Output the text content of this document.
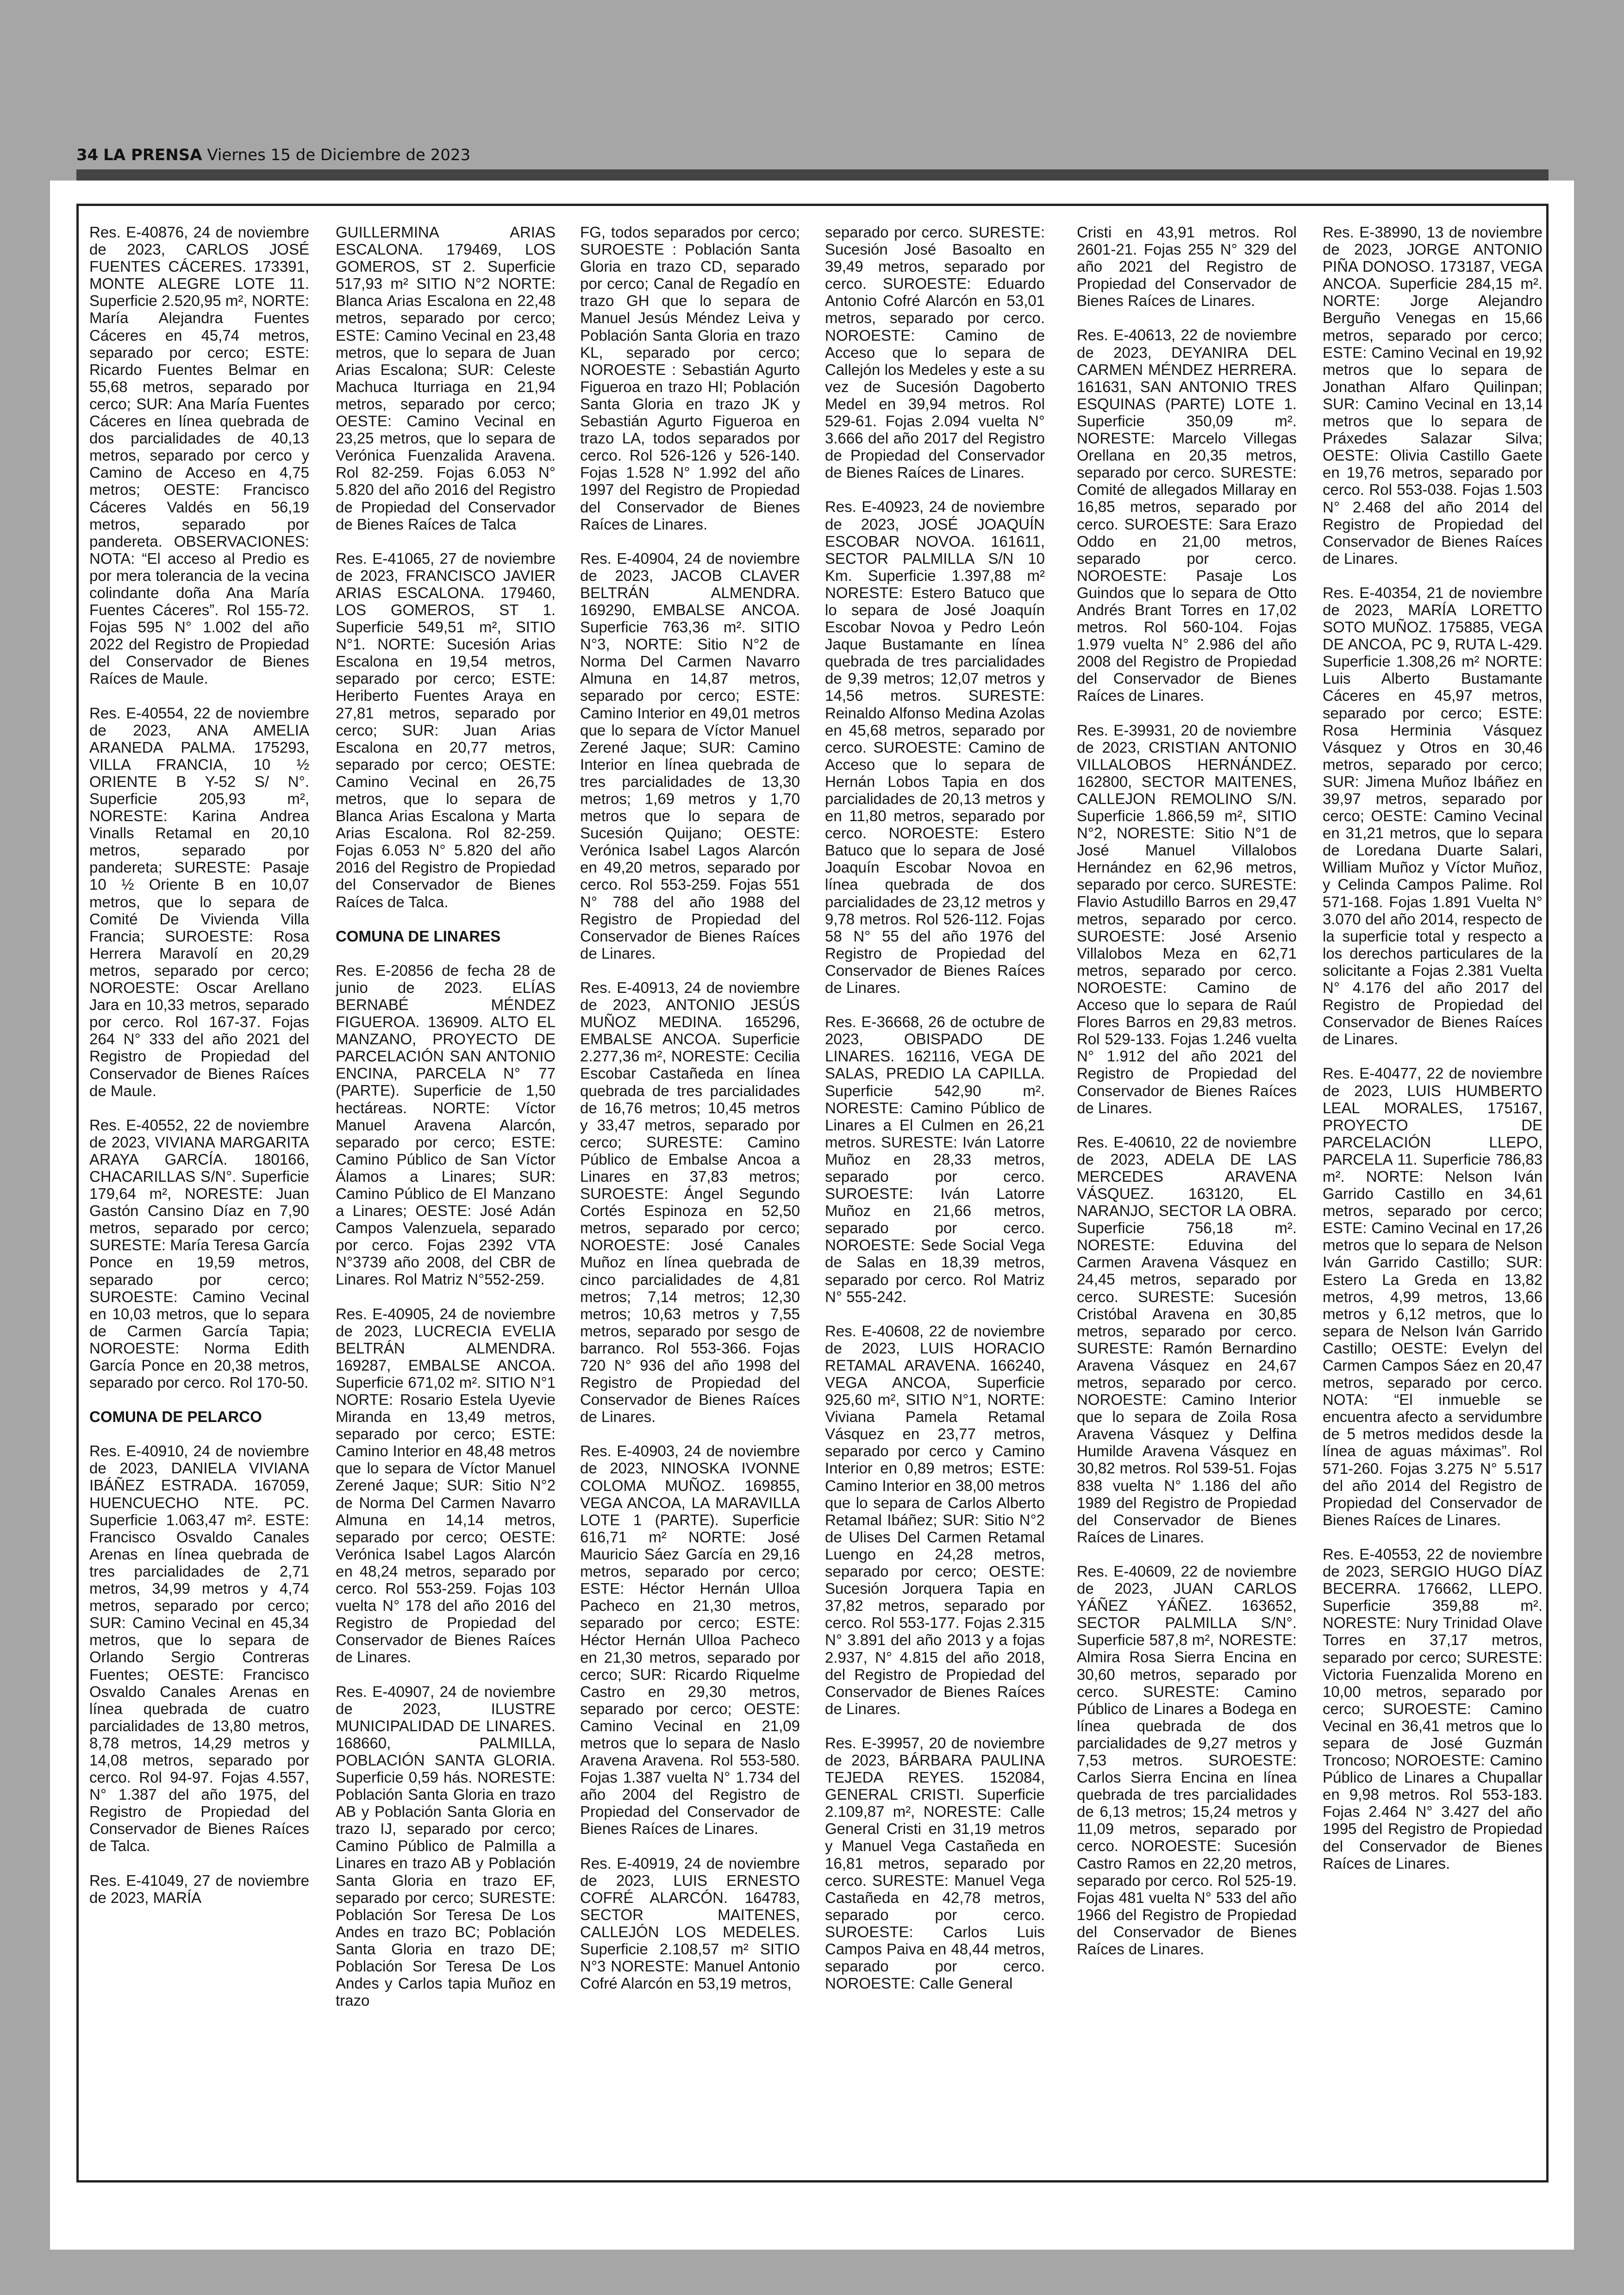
34 LA PRENSA Viernes 15 de Diciembre de 2023

Res. E-40876, 24 de noviembre de 2023, CARLOS JOSÉ FUENTES CÁCERES. 173391, MONTE ALEGRE LOTE 11. Superficie 2.520,95 m², NORTE: María Alejandra Fuentes Cáceres en 45,74 metros, separado por cerco; ESTE: Ricardo Fuentes Belmar en 55,68 metros, separado por cerco; SUR: Ana María Fuentes Cáceres en línea quebrada de dos parcialidades de 40,13 metros, separado por cerco y Camino de Acceso en 4,75 metros; OESTE: Francisco Cáceres Valdés en 56,19 metros, separado por pandereta. OBSERVACIONES: NOTA: “El acceso al Predio es por mera tolerancia de la vecina colindante doña Ana María Fuentes Cáceres”. Rol 155-72. Fojas 595 N° 1.002 del año 2022 del Registro de Propiedad del Conservador de Bienes Raíces de Maule.

Res. E-40554, 22 de noviembre de 2023, ANA AMELIA ARANEDA PALMA. 175293, VILLA FRANCIA, 10 ½ ORIENTE B Y-52 S/ N°. Superficie 205,93 m², NORESTE: Karina Andrea Vinalls Retamal en 20,10 metros, separado por pandereta; SURESTE: Pasaje 10 ½ Oriente B en 10,07 metros, que lo separa de Comité De Vivienda Villa Francia; SUROESTE: Rosa Herrera Maravolí en 20,29 metros, separado por cerco; NOROESTE: Oscar Arellano Jara en 10,33 metros, separado por cerco. Rol 167-37. Fojas 264 N° 333 del año 2021 del Registro de Propiedad del Conservador de Bienes Raíces de Maule.

Res. E-40552, 22 de noviembre de 2023, VIVIANA MARGARITA ARAYA GARCÍA. 180166, CHACARILLAS S/N°. Superficie 179,64 m², NORESTE: Juan Gastón Cansino Díaz en 7,90 metros, separado por cerco; SURESTE: María Teresa García Ponce en 19,59 metros, separado por cerco; SUROESTE: Camino Vecinal en 10,03 metros, que lo separa de Carmen García Tapia; NOROESTE: Norma Edith García Ponce en 20,38 metros, separado por cerco. Rol 170-50.

COMUNA DE PELARCO

Res. E-40910, 24 de noviembre de 2023, DANIELA VIVIANA IBÁÑEZ ESTRADA. 167059, HUENCUECHO NTE. PC. Superficie 1.063,47 m². ESTE: Francisco Osvaldo Canales Arenas en línea quebrada de tres parcialidades de 2,71 metros, 34,99 metros y 4,74 metros, separado por cerco; SUR: Camino Vecinal en 45,34 metros, que lo separa de Orlando Sergio Contreras Fuentes; OESTE: Francisco Osvaldo Canales Arenas en línea quebrada de cuatro parcialidades de 13,80 metros, 8,78 metros, 14,29 metros y 14,08 metros, separado por cerco. Rol 94-97. Fojas 4.557, N° 1.387 del año 1975, del Registro de Propiedad del Conservador de Bienes Raíces de Talca.

Res. E-41049, 27 de noviembre de 2023, MARÍA

GUILLERMINA ARIAS ESCALONA. 179469, LOS GOMEROS, ST 2. Superficie 517,93 m² SITIO N°2 NORTE: Blanca Arias Escalona en 22,48 metros, separado por cerco; ESTE: Camino Vecinal en 23,48 metros, que lo separa de Juan Arias Escalona; SUR: Celeste Machuca Iturriaga en 21,94 metros, separado por cerco; OESTE: Camino Vecinal en 23,25 metros, que lo separa de Verónica Fuenzalida Aravena. Rol 82-259. Fojas 6.053 N° 5.820 del año 2016 del Registro de Propiedad del Conservador de Bienes Raíces de Talca

Res. E-41065, 27 de noviembre de 2023, FRANCISCO JAVIER ARIAS ESCALONA. 179460, LOS GOMEROS, ST 1. Superficie 549,51 m², SITIO N°1. NORTE: Sucesión Arias Escalona en 19,54 metros, separado por cerco; ESTE: Heriberto Fuentes Araya en 27,81 metros, separado por cerco; SUR: Juan Arias Escalona en 20,77 metros, separado por cerco; OESTE: Camino Vecinal en 26,75 metros, que lo separa de Blanca Arias Escalona y Marta Arias Escalona. Rol 82-259. Fojas 6.053 N° 5.820 del año 2016 del Registro de Propiedad del Conservador de Bienes Raíces de Talca.

COMUNA DE LINARES

Res. E-20856 de fecha 28 de junio de 2023. ELÍAS BERNABÉ MÉNDEZ FIGUEROA. 136909. ALTO EL MANZANO, PROYECTO DE PARCELACIÓN SAN ANTONIO ENCINA, PARCELA N° 77 (PARTE). Superficie de 1,50 hectáreas. NORTE: Víctor Manuel Aravena Alarcón, separado por cerco; ESTE: Camino Público de San Víctor Álamos a Linares; SUR: Camino Público de El Manzano a Linares; OESTE: José Adán Campos Valenzuela, separado por cerco. Fojas 2392 VTA N°3739 año 2008, del CBR de Linares. Rol Matriz N°552-259.

Res. E-40905, 24 de noviembre de 2023, LUCRECIA EVELIA BELTRÁN ALMENDRA. 169287, EMBALSE ANCOA. Superficie 671,02 m². SITIO N°1 NORTE: Rosario Estela Uyevie Miranda en 13,49 metros, separado por cerco; ESTE: Camino Interior en 48,48 metros que lo separa de Víctor Manuel Zerené Jaque; SUR: Sitio N°2 de Norma Del Carmen Navarro Almuna en 14,14 metros, separado por cerco; OESTE: Verónica Isabel Lagos Alarcón en 48,24 metros, separado por cerco. Rol 553-259. Fojas 103 vuelta N° 178 del año 2016 del Registro de Propiedad del Conservador de Bienes Raíces de Linares.

Res. E-40907, 24 de noviembre de 2023, ILUSTRE MUNICIPALIDAD DE LINARES. 168660, PALMILLA, POBLACIÓN SANTA GLORIA. Superficie 0,59 hás. NORESTE: Población Santa Gloria en trazo AB y Población Santa Gloria en trazo IJ, separado por cerco; Camino Público de Palmilla a Linares en trazo AB y Población Santa Gloria en trazo EF, separado por cerco; SURESTE: Población Sor Teresa De Los Andes en trazo BC; Población Santa Gloria en trazo DE; Población Sor Teresa De Los Andes y Carlos tapia Muñoz en trazo

FG, todos separados por cerco; SUROESTE : Población Santa Gloria en trazo CD, separado por cerco; Canal de Regadío en trazo GH que lo separa de Manuel Jesús Méndez Leiva y Población Santa Gloria en trazo KL, separado por cerco; NOROESTE : Sebastián Agurto Figueroa en trazo HI; Población Santa Gloria en trazo JK y Sebastián Agurto Figueroa en trazo LA, todos separados por cerco. Rol 526-126 y 526-140. Fojas 1.528 N° 1.992 del año 1997 del Registro de Propiedad del Conservador de Bienes Raíces de Linares.

Res. E-40904, 24 de noviembre de 2023, JACOB CLAVER BELTRÁN ALMENDRA. 169290, EMBALSE ANCOA. Superficie 763,36 m². SITIO N°3, NORTE: Sitio N°2 de Norma Del Carmen Navarro Almuna en 14,87 metros, separado por cerco; ESTE: Camino Interior en 49,01 metros que lo separa de Víctor Manuel Zerené Jaque; SUR: Camino Interior en línea quebrada de tres parcialidades de 13,30 metros; 1,69 metros y 1,70 metros que lo separa de Sucesión Quijano; OESTE: Verónica Isabel Lagos Alarcón en 49,20 metros, separado por cerco. Rol 553-259. Fojas 551 N° 788 del año 1988 del Registro de Propiedad del Conservador de Bienes Raíces de Linares.

Res. E-40913, 24 de noviembre de 2023, ANTONIO JESÚS MUÑOZ MEDINA. 165296, EMBALSE ANCOA. Superficie 2.277,36 m², NORESTE: Cecilia Escobar Castañeda en línea quebrada de tres parcialidades de 16,76 metros; 10,45 metros y 33,47 metros, separado por cerco; SURESTE: Camino Público de Embalse Ancoa a Linares en 37,83 metros; SUROESTE: Ángel Segundo Cortés Espinoza en 52,50 metros, separado por cerco; NOROESTE: José Canales Muñoz en línea quebrada de cinco parcialidades de 4,81 metros; 7,14 metros; 12,30 metros; 10,63 metros y 7,55 metros, separado por sesgo de barranco. Rol 553-366. Fojas 720 N° 936 del año 1998 del Registro de Propiedad del Conservador de Bienes Raíces de Linares.

Res. E-40903, 24 de noviembre de 2023, NINOSKA IVONNE COLOMA MUÑOZ. 169855, VEGA ANCOA, LA MARAVILLA LOTE 1 (PARTE). Superficie 616,71 m² NORTE: José Mauricio Sáez García en 29,16 metros, separado por cerco; ESTE: Héctor Hernán Ulloa Pacheco en 21,30 metros, separado por cerco; ESTE: Héctor Hernán Ulloa Pacheco en 21,30 metros, separado por cerco; SUR: Ricardo Riquelme Castro en 29,30 metros, separado por cerco; OESTE: Camino Vecinal en 21,09 metros que lo separa de Naslo Aravena Aravena. Rol 553-580. Fojas 1.387 vuelta N° 1.734 del año 2004 del Registro de Propiedad del Conservador de Bienes Raíces de Linares.

Res. E-40919, 24 de noviembre de 2023, LUIS ERNESTO COFRÉ ALARCÓN. 164783, SECTOR MAITENES, CALLEJÓN LOS MEDELES. Superficie 2.108,57 m² SITIO N°3 NORESTE: Manuel Antonio Cofré Alarcón en 53,19 metros,

separado por cerco. SURESTE: Sucesión José Basoalto en 39,49 metros, separado por cerco. SUROESTE: Eduardo Antonio Cofré Alarcón en 53,01 metros, separado por cerco. NOROESTE: Camino de Acceso que lo separa de Callejón los Medeles y este a su vez de Sucesión Dagoberto Medel en 39,94 metros. Rol 529-61. Fojas 2.094 vuelta N° 3.666 del año 2017 del Registro de Propiedad del Conservador de Bienes Raíces de Linares.

Res. E-40923, 24 de noviembre de 2023, JOSÉ JOAQUÍN ESCOBAR NOVOA. 161611, SECTOR PALMILLA S/N 10 Km. Superficie 1.397,88 m² NORESTE: Estero Batuco que lo separa de José Joaquín Escobar Novoa y Pedro León Jaque Bustamante en línea quebrada de tres parcialidades de 9,39 metros; 12,07 metros y 14,56 metros. SURESTE: Reinaldo Alfonso Medina Azolas en 45,68 metros, separado por cerco. SUROESTE: Camino de Acceso que lo separa de Hernán Lobos Tapia en dos parcialidades de 20,13 metros y en 11,80 metros, separado por cerco. NOROESTE: Estero Batuco que lo separa de José Joaquín Escobar Novoa en línea quebrada de dos parcialidades de 23,12 metros y 9,78 metros. Rol 526-112. Fojas 58 N° 55 del año 1976 del Registro de Propiedad del Conservador de Bienes Raíces de Linares.

Res. E-36668, 26 de octubre de 2023, OBISPADO DE LINARES. 162116, VEGA DE SALAS, PREDIO LA CAPILLA. Superficie 542,90 m². NORESTE: Camino Público de Linares a El Culmen en 26,21 metros. SURESTE: Iván Latorre Muñoz en 28,33 metros, separado por cerco. SUROESTE: Iván Latorre Muñoz en 21,66 metros, separado por cerco. NOROESTE: Sede Social Vega de Salas en 18,39 metros, separado por cerco. Rol Matriz N° 555-242.

Res. E-40608, 22 de noviembre de 2023, LUIS HORACIO RETAMAL ARAVENA. 166240, VEGA ANCOA, Superficie 925,60 m², SITIO N°1, NORTE: Viviana Pamela Retamal Vásquez en 23,77 metros, separado por cerco y Camino Interior en 0,89 metros; ESTE: Camino Interior en 38,00 metros que lo separa de Carlos Alberto Retamal Ibáñez; SUR: Sitio N°2 de Ulises Del Carmen Retamal Luengo en 24,28 metros, separado por cerco; OESTE: Sucesión Jorquera Tapia en 37,82 metros, separado por cerco. Rol 553-177. Fojas 2.315 N° 3.891 del año 2013 y a fojas 2.937, N° 4.815 del año 2018, del Registro de Propiedad del Conservador de Bienes Raíces de Linares.

Res. E-39957, 20 de noviembre de 2023, BÁRBARA PAULINA TEJEDA REYES. 152084, GENERAL CRISTI. Superficie 2.109,87 m², NORESTE: Calle General Cristi en 31,19 metros y Manuel Vega Castañeda en 16,81 metros, separado por cerco. SURESTE: Manuel Vega Castañeda en 42,78 metros, separado por cerco. SUROESTE: Carlos Luis Campos Paiva en 48,44 metros, separado por cerco. NOROESTE: Calle General

Cristi en 43,91 metros. Rol 2601-21. Fojas 255 N° 329 del año 2021 del Registro de Propiedad del Conservador de Bienes Raíces de Linares.

Res. E-40613, 22 de noviembre de 2023, DEYANIRA DEL CARMEN MÉNDEZ HERRERA. 161631, SAN ANTONIO TRES ESQUINAS (PARTE) LOTE 1. Superficie 350,09 m². NORESTE: Marcelo Villegas Orellana en 20,35 metros, separado por cerco. SURESTE: Comité de allegados Millaray en 16,85 metros, separado por cerco. SUROESTE: Sara Erazo Oddo en 21,00 metros, separado por cerco. NOROESTE: Pasaje Los Guindos que lo separa de Otto Andrés Brant Torres en 17,02 metros. Rol 560-104. Fojas 1.979 vuelta N° 2.986 del año 2008 del Registro de Propiedad del Conservador de Bienes Raíces de Linares.

Res. E-39931, 20 de noviembre de 2023, CRISTIAN ANTONIO VILLALOBOS HERNÁNDEZ. 162800, SECTOR MAITENES, CALLEJON REMOLINO S/N. Superficie 1.866,59 m², SITIO N°2, NORESTE: Sitio N°1 de José Manuel Villalobos Hernández en 62,96 metros, separado por cerco. SURESTE: Flavio Astudillo Barros en 29,47 metros, separado por cerco. SUROESTE: José Arsenio Villalobos Meza en 62,71 metros, separado por cerco. NOROESTE: Camino de Acceso que lo separa de Raúl Flores Barros en 29,83 metros. Rol 529-133. Fojas 1.246 vuelta N° 1.912 del año 2021 del Registro de Propiedad del Conservador de Bienes Raíces de Linares.

Res. E-40610, 22 de noviembre de 2023, ADELA DE LAS MERCEDES ARAVENA VÁSQUEZ. 163120, EL NARANJO, SECTOR LA OBRA. Superficie 756,18 m². NORESTE: Eduvina del Carmen Aravena Vásquez en 24,45 metros, separado por cerco. SURESTE: Sucesión Cristóbal Aravena en 30,85 metros, separado por cerco. SURESTE: Ramón Bernardino Aravena Vásquez en 24,67 metros, separado por cerco. NOROESTE: Camino Interior que lo separa de Zoila Rosa Aravena Vásquez y Delfina Humilde Aravena Vásquez en 30,82 metros. Rol 539-51. Fojas 838 vuelta N° 1.186 del año 1989 del Registro de Propiedad del Conservador de Bienes Raíces de Linares.

Res. E-40609, 22 de noviembre de 2023, JUAN CARLOS YÁÑEZ YÁÑEZ. 163652, SECTOR PALMILLA S/N°. Superficie 587,8 m², NORESTE: Almira Rosa Sierra Encina en 30,60 metros, separado por cerco. SURESTE: Camino Público de Linares a Bodega en línea quebrada de dos parcialidades de 9,27 metros y 7,53 metros. SUROESTE: Carlos Sierra Encina en línea quebrada de tres parcialidades de 6,13 metros; 15,24 metros y 11,09 metros, separado por cerco. NOROESTE: Sucesión Castro Ramos en 22,20 metros, separado por cerco. Rol 525-19. Fojas 481 vuelta N° 533 del año 1966 del Registro de Propiedad del Conservador de Bienes Raíces de Linares.

Res. E-38990, 13 de noviembre de 2023, JORGE ANTONIO PIÑA DONOSO. 173187, VEGA ANCOA. Superficie 284,15 m². NORTE: Jorge Alejandro Berguño Venegas en 15,66 metros, separado por cerco; ESTE: Camino Vecinal en 19,92 metros que lo separa de Jonathan Alfaro Quilinpan; SUR: Camino Vecinal en 13,14 metros que lo separa de Práxedes Salazar Silva; OESTE: Olivia Castillo Gaete en 19,76 metros, separado por cerco. Rol 553-038. Fojas 1.503 N° 2.468 del año 2014 del Registro de Propiedad del Conservador de Bienes Raíces de Linares.

Res. E-40354, 21 de noviembre de 2023, MARÍA LORETTO SOTO MUÑOZ. 175885, VEGA DE ANCOA, PC 9, RUTA L-429. Superficie 1.308,26 m² NORTE: Luis Alberto Bustamante Cáceres en 45,97 metros, separado por cerco; ESTE: Rosa Herminia Vásquez Vásquez y Otros en 30,46 metros, separado por cerco; SUR: Jimena Muñoz Ibáñez en 39,97 metros, separado por cerco; OESTE: Camino Vecinal en 31,21 metros, que lo separa de Loredana Duarte Salari, William Muñoz y Víctor Muñoz, y Celinda Campos Palime. Rol 571-168. Fojas 1.891 Vuelta N° 3.070 del año 2014, respecto de la superficie total y respecto a los derechos particulares de la solicitante a Fojas 2.381 Vuelta N° 4.176 del año 2017 del Registro de Propiedad del Conservador de Bienes Raíces de Linares.

Res. E-40477, 22 de noviembre de 2023, LUIS HUMBERTO LEAL MORALES, 175167, PROYECTO DE PARCELACIÓN LLEPO, PARCELA 11. Superficie 786,83 m². NORTE: Nelson Iván Garrido Castillo en 34,61 metros, separado por cerco; ESTE: Camino Vecinal en 17,26 metros que lo separa de Nelson Iván Garrido Castillo; SUR: Estero La Greda en 13,82 metros, 4,99 metros, 13,66 metros y 6,12 metros, que lo separa de Nelson Iván Garrido Castillo; OESTE: Evelyn del Carmen Campos Sáez en 20,47 metros, separado por cerco. NOTA: “El inmueble se encuentra afecto a servidumbre de 5 metros medidos desde la línea de aguas máximas”. Rol 571-260. Fojas 3.275 N° 5.517 del año 2014 del Registro de Propiedad del Conservador de Bienes Raíces de Linares.

Res. E-40553, 22 de noviembre de 2023, SERGIO HUGO DÍAZ BECERRA. 176662, LLEPO. Superficie 359,88 m². NORESTE: Nury Trinidad Olave Torres en 37,17 metros, separado por cerco; SURESTE: Victoria Fuenzalida Moreno en 10,00 metros, separado por cerco; SUROESTE: Camino Vecinal en 36,41 metros que lo separa de José Guzmán Troncoso; NOROESTE: Camino Público de Linares a Chupallar en 9,98 metros. Rol 553-183. Fojas 2.464 N° 3.427 del año 1995 del Registro de Propiedad del Conservador de Bienes Raíces de Linares.
